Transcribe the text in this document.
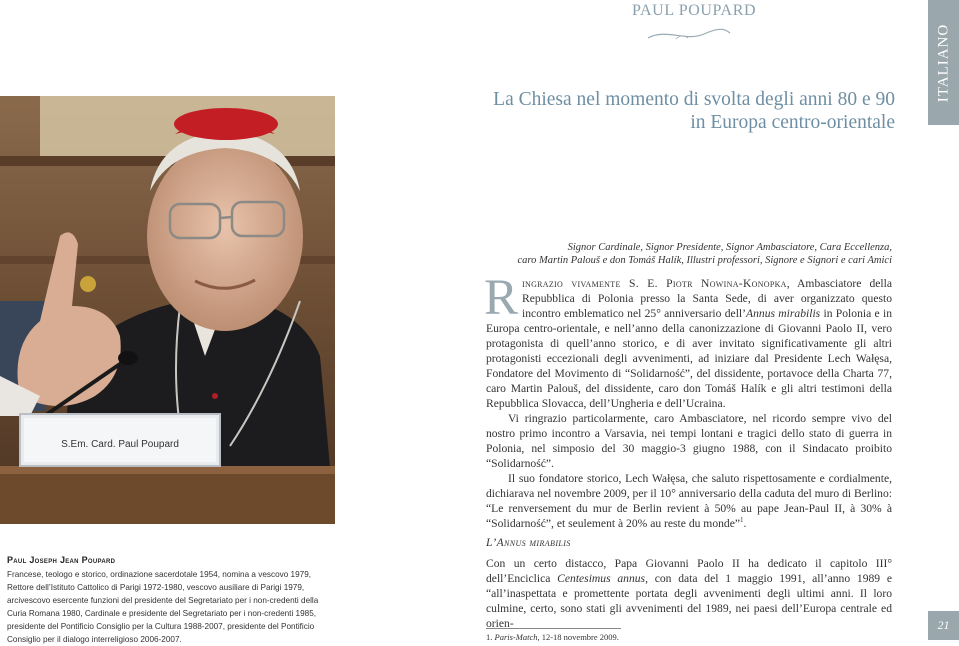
PAUL POUPARD
ITALIANO
La Chiesa nel momento di svolta degli anni 80 e 90
in Europa centro-orientale
S.Em. Card. Paul Poupard
Paul Joseph Jean Poupard
Francese, teologo e storico, ordinazione sacerdotale 1954, nomina a vescovo 1979, Rettore dell’Istituto Cattolico di Parigi 1972-1980, vescovo ausiliare di Parigi 1979, arcivescovo esercente funzioni del presidente del Segretariato per i non-credenti della Curia Romana 1980, Cardinale e presidente del Segretariato per i non-credenti 1985, presidente del Pontificio Consiglio per la Cultura 1988-2007, presidente del Pontificio Consiglio per il dialogo interreligioso 2006-2007.
Signor Cardinale, Signor Presidente, Signor Ambasciatore, Cara Eccellenza,
caro Martin Palouš e don Tomáš Halík, Illustri professori, Signore e Signori e cari Amici

Ringrazio vivamente S. E. Piotr Nowina-Konopka, Ambasciatore della Repubblica di Polonia presso la Santa Sede, di aver organizzato questo incontro emblematico nel 25° anniversario dell’Annus mirabilis in Polonia e in Europa centro-orientale, e nell’anno della canonizzazione di Giovanni Paolo II, vero protagonista di quell’anno storico, e di aver invitato significativamente gli altri protagonisti eccezionali degli avvenimenti, ad iniziare dal Presidente Lech Wałęsa, Fondatore del Movimento di “Solidarność”, del dissidente, portavoce della Charta 77, caro Martin Palouš, del dissidente, caro don Tomáš Halík e gli altri testimoni della Repubblica Slovacca, dell’Ungheria e dell’Ucraina.

Vi ringrazio particolarmente, caro Ambasciatore, nel ricordo sempre vivo del nostro primo incontro a Varsavia, nei tempi lontani e tragici dello stato di guerra in Polonia, nel simposio del 30 maggio-3 giugno 1988, con il Sindacato proibito “Solidarność”.

Il suo fondatore storico, Lech Wałęsa, che saluto rispettosamente e cordialmente, dichiarava nel novembre 2009, per il 10° anniversario della caduta del muro di Berlino: “Le renversement du mur de Berlin revient à 50% au pape Jean-Paul II, à 30% à “Solidarność”, et seulement à 20% au reste du monde”$^1$.

L’Annus mirabilis
Con un certo distacco, Papa Giovanni Paolo II ha dedicato il capitolo III° dell’Enciclica Centesimus annus, con data del 1 maggio 1991, all’anno 1989 e “all’inaspettata e promettente portata degli avvenimenti degli ultimi anni. Il loro culmine, certo, sono stati gli avvenimenti del 1989, nei paesi dell’Europa centrale ed orien-
1. Paris-Match, 12-18 novembre 2009.
21
